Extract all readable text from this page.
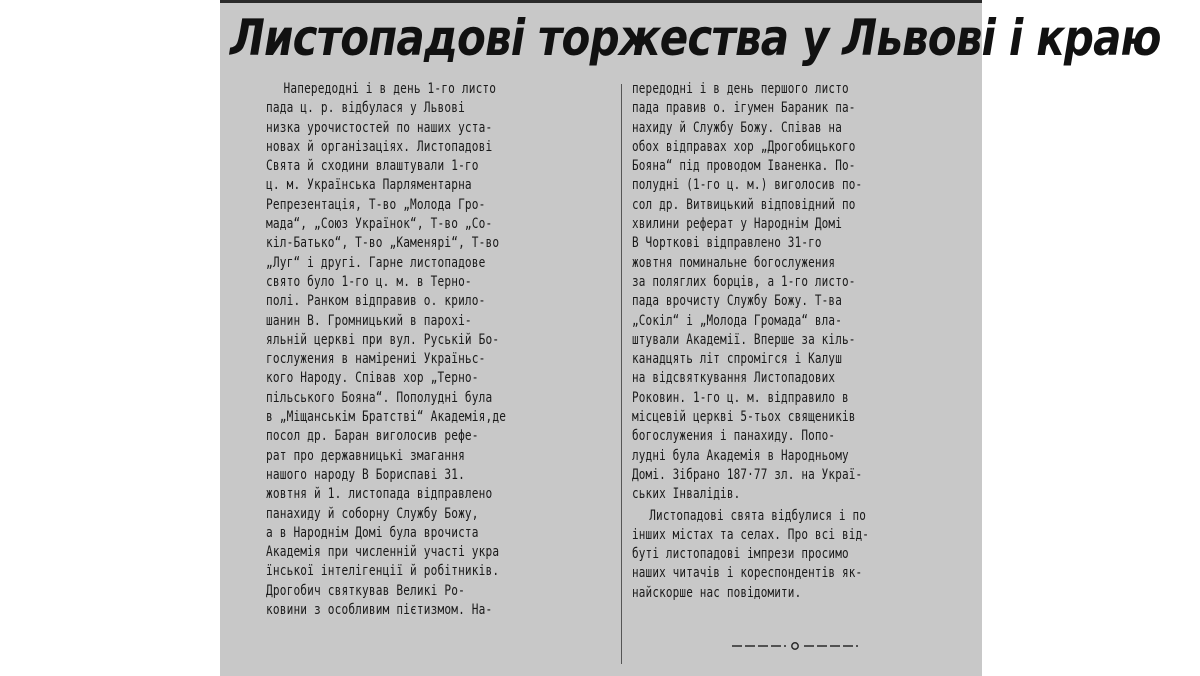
Листопадові торжества у Львові і краю
Напередодні і в день 1-го листо
пада ц. р. відбулася у Львові
низка урочистостей по наших уста-
новах й організаціях. Листопадові
Свята й сходини влаштували 1-го
ц. м. Українська Парляментарна
Репрезентація, Т-во „Молода Гро-
мада“, „Союз Українок“, Т-во „Со-
кіл-Батько“, Т-во „Каменярі“, Т-во
„Луг“ і другі. Гарне листопадове
свято було 1-го ц. м. в Терно-
полі. Ранком відправив о. крило-
шанин В. Громницький в парохі-
яльній церкві при вул. Руській Бо-
гослужения в намірениі Україньс-
кого Народу. Співав хор „Терно-
пільського Бояна“. Пополудні була
в „Міщанськім Братстві“ Академія,де
посол др. Баран виголосив рефе-
рат про державницькі змагання
нашого народу В Бориспаві 31.
жовтня й 1. листопада відправлено
панахиду й соборну Службу Божу,
а в Народнім Домі була врочиста
Академія при численній участі укра
їнської інтелігенції й робітників.
Дрогобич святкував Великі Ро-
ковини з особливим пієтизмом. На-
передодні і в день першого листо
пада правив о. ігумен Бараник па-
нахиду й Службу Божу. Співав на
обох відправах хор „Дрогобицького
Бояна“ під проводом Іваненка. По-
полудні (1-го ц. м.) виголосив по-
сол др. Витвицький відповідний по
хвилини реферат у Народнім Домі
В Чорткові відправлено 31-го
жовтня поминальне богослужения
за поляглих борців, а 1-го листо-
пада врочисту Службу Божу. Т-ва
„Сокіл“ і „Молода Громада“ вла-
штували Академії. Вперше за кіль-
канадцять літ спромігся і Калуш
на відсвяткування Листопадових
Роковин. 1-го ц. м. відправило в
місцевій церкві 5-тьох священиків
богослужения і панахиду. Попо-
лудні була Академія в Народньому
Домі. Зібрано 187·77 зл. на Украї-
ських Інвалідів.
Листопадові свята відбулися і по
інших містах та селах. Про всі від-
буті листопадові імпрези просимо
наших читачів і кореспондентів як-
найскорше нас повідомити.
